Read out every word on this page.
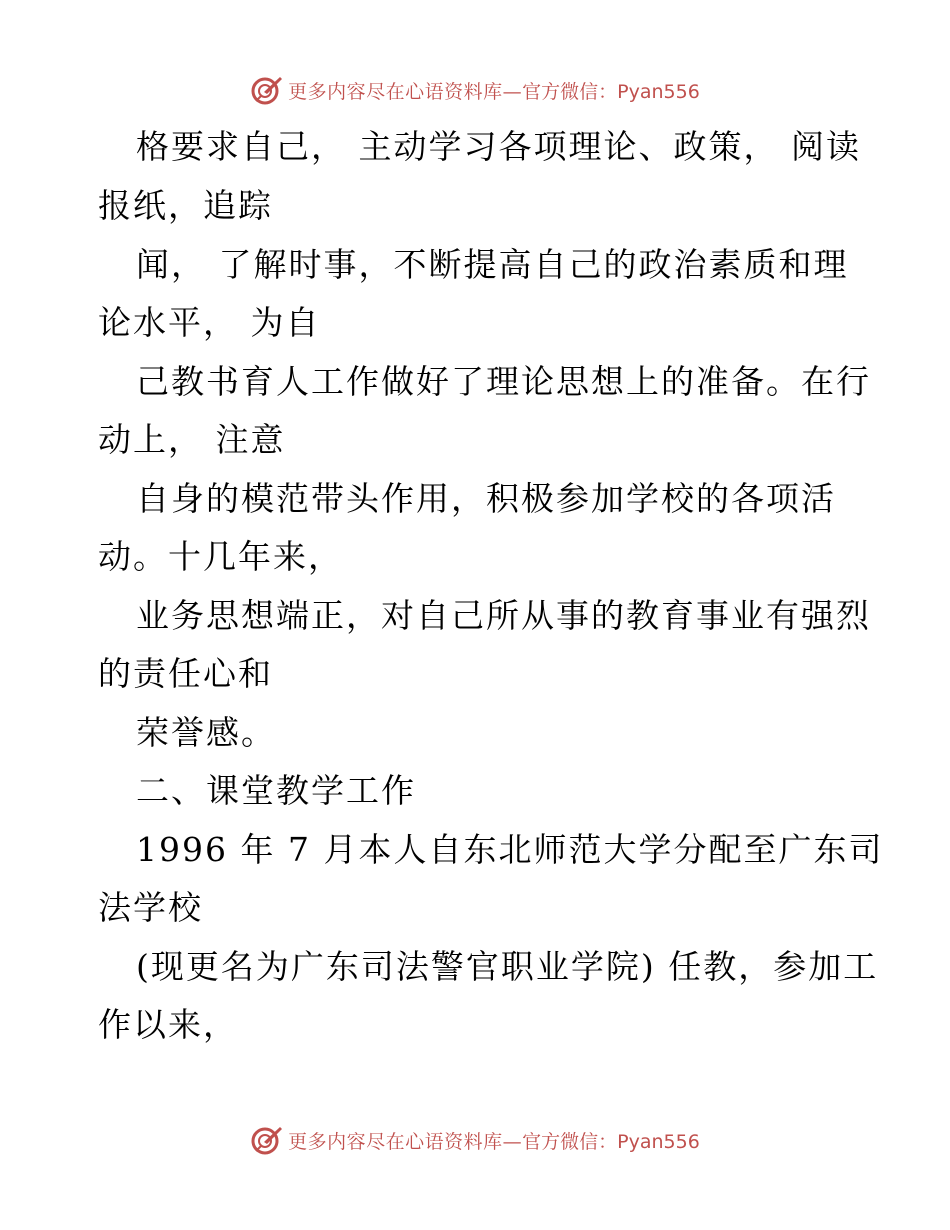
更多内容尽在心语资料库— 官方微信：Pyan556
格要求自己， 主动学习各项理论、政策， 阅读
报纸，追踪
闻， 了解时事，不断提高自己的政治素质和理
论水平， 为自
己教书育人工作做好了理论思想上的准备。在行
动上， 注意
自身的模范带头作用，积极参加学校的各项活
动。十几年来，
业务思想端正，对自己所从事的教育事业有强烈
的责任心和
荣誉感。
二、课堂教学工作
1996 年 7 月本人自东北师范大学分配至广东司
法学校
(现更名为广东司法警官职业学院) 任教，参加工
作以来，
更多内容尽在心语资料库— 官方微信：Pyan556
